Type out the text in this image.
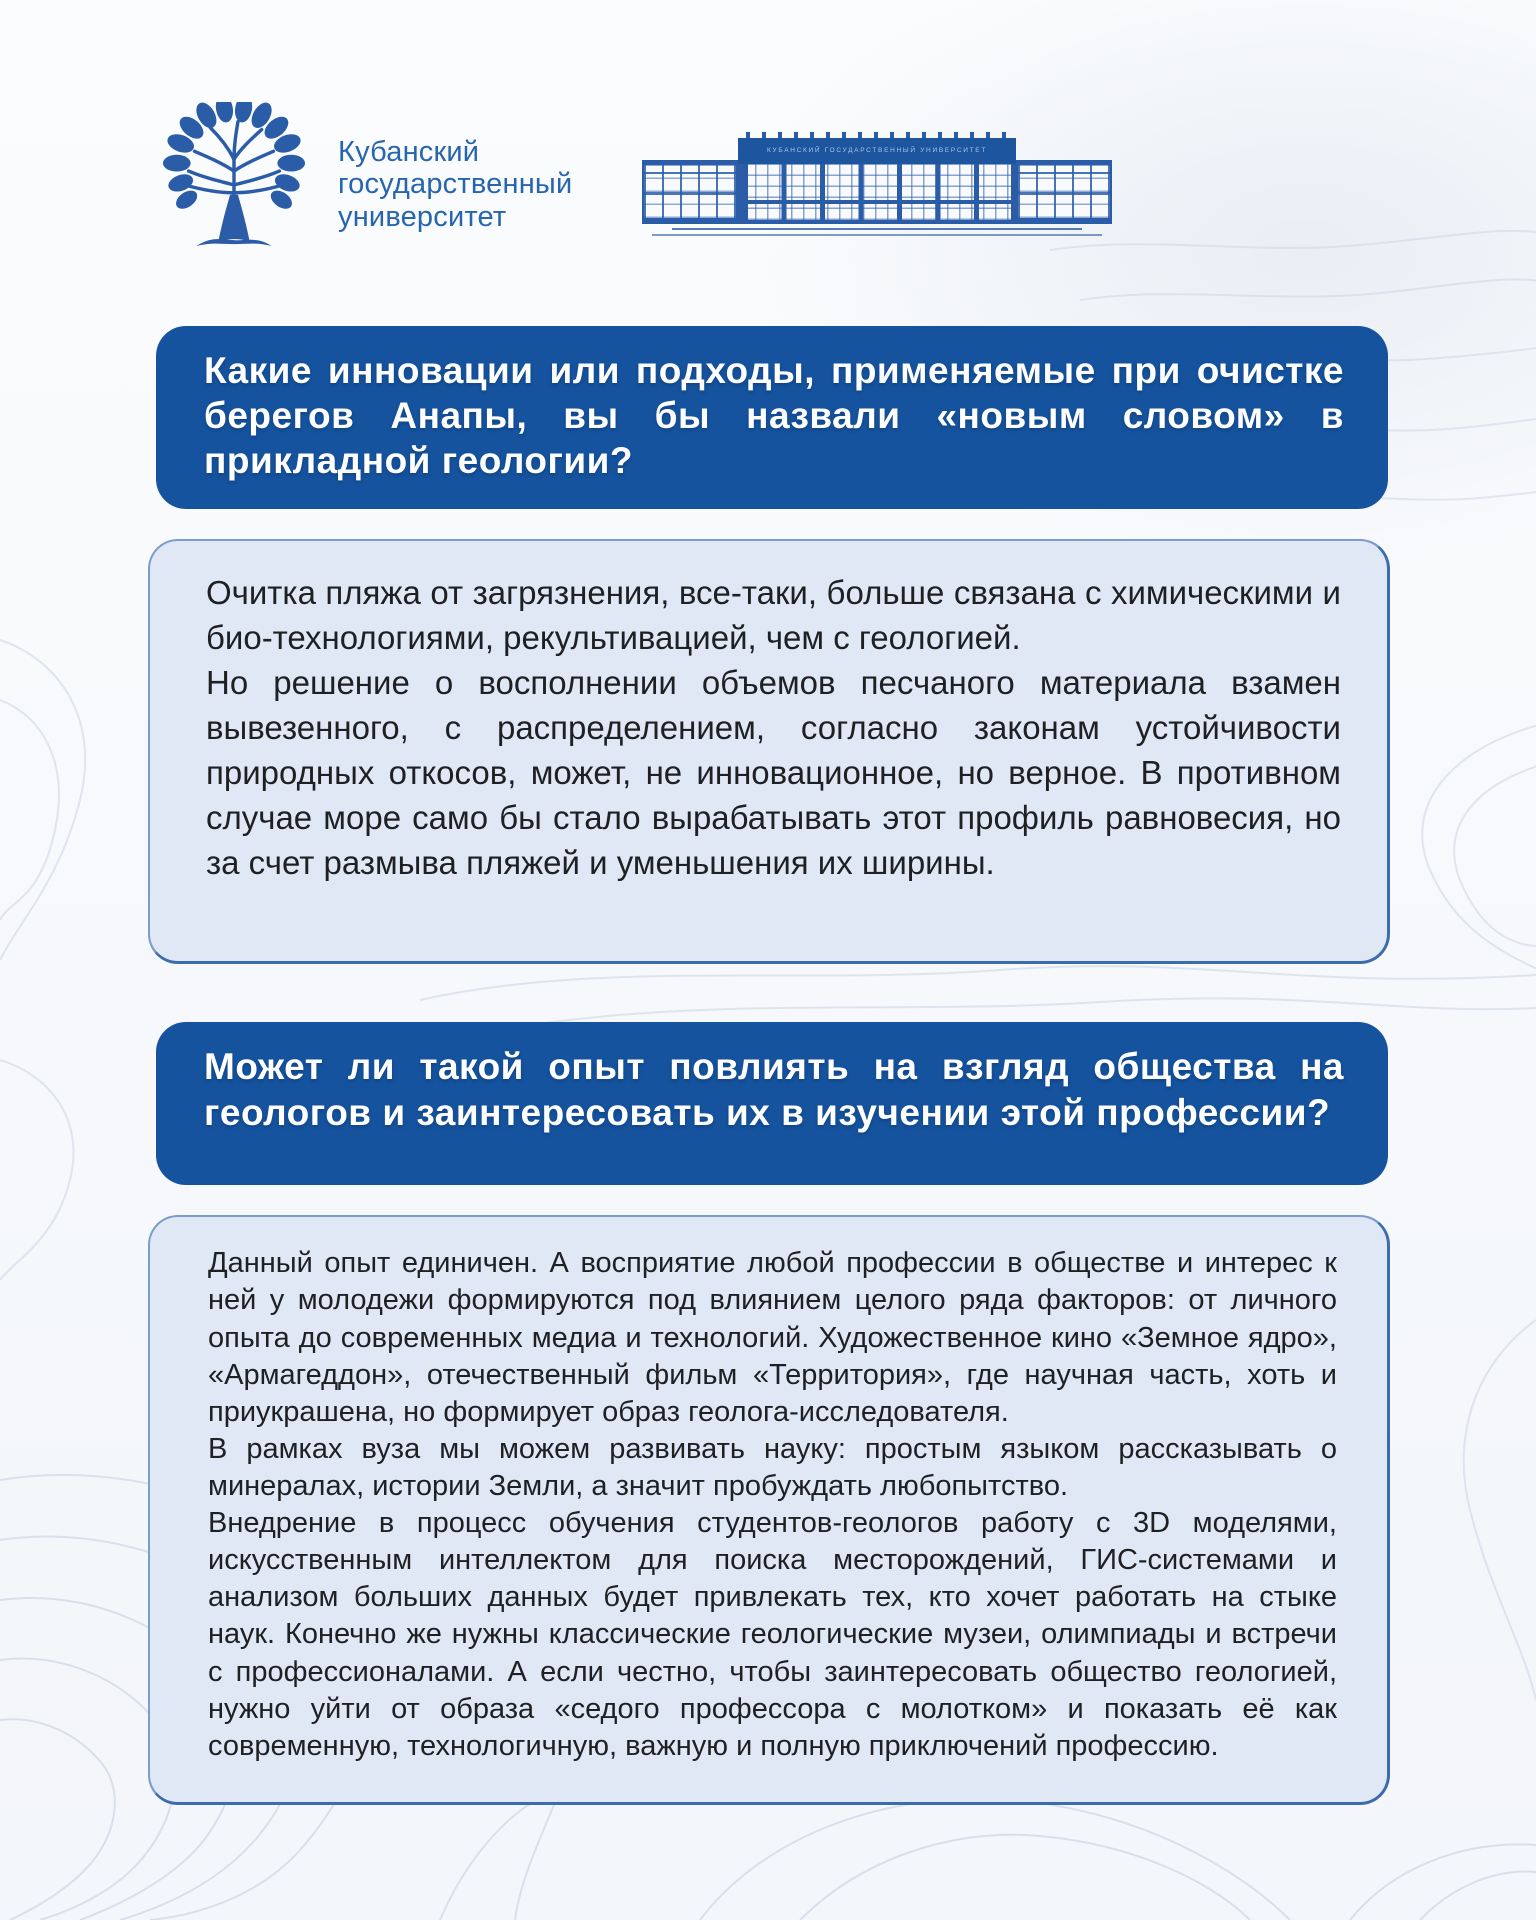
Кубанский
государственный
университет
КУБАНСКИЙ ГОСУДАРСТВЕННЫЙ УНИВЕРСИТЕТ

Какие инновации или подходы, применяемые при очистке берегов Анапы, вы бы назвали «новым словом» в прикладной геологии?

Очитка пляжа от загрязнения, все-таки, больше связана с химическими и био-технологиями, рекультивацией, чем с геологией.

Но решение о восполнении объемов песчаного материала взамен вывезенного, с распределением, согласно законам устойчивости природных откосов, может, не инновационное, но верное. В противном случае море само бы стало вырабатывать этот профиль равновесия, но за счет размыва пляжей и уменьшения их ширины.

Может ли такой опыт повлиять на взгляд общества на геологов и заинтересовать их в изучении этой профессии?

Данный опыт единичен. А восприятие любой профессии в обществе и интерес к ней у молодежи формируются под влиянием целого ряда факторов: от личного опыта до современных медиа и технологий. Художественное кино «Земное ядро», «Армагеддон», отечественный фильм «Территория», где научная часть, хоть и приукрашена, но формирует образ геолога-исследователя.

В рамках вуза мы можем развивать науку: простым языком рассказывать о минералах, истории Земли, а значит пробуждать любопытство.

Внедрение в процесс обучения студентов-геологов работу с 3D моделями, искусственным интеллектом для поиска месторождений, ГИС-системами и анализом больших данных будет привлекать тех, кто хочет работать на стыке наук. Конечно же нужны классические геологические музеи, олимпиады и встречи с профессионалами. А если честно, чтобы заинтересовать общество геологией, нужно уйти от образа «седого профессора с молотком» и показать её как современную, технологичную, важную и полную приключений профессию.
